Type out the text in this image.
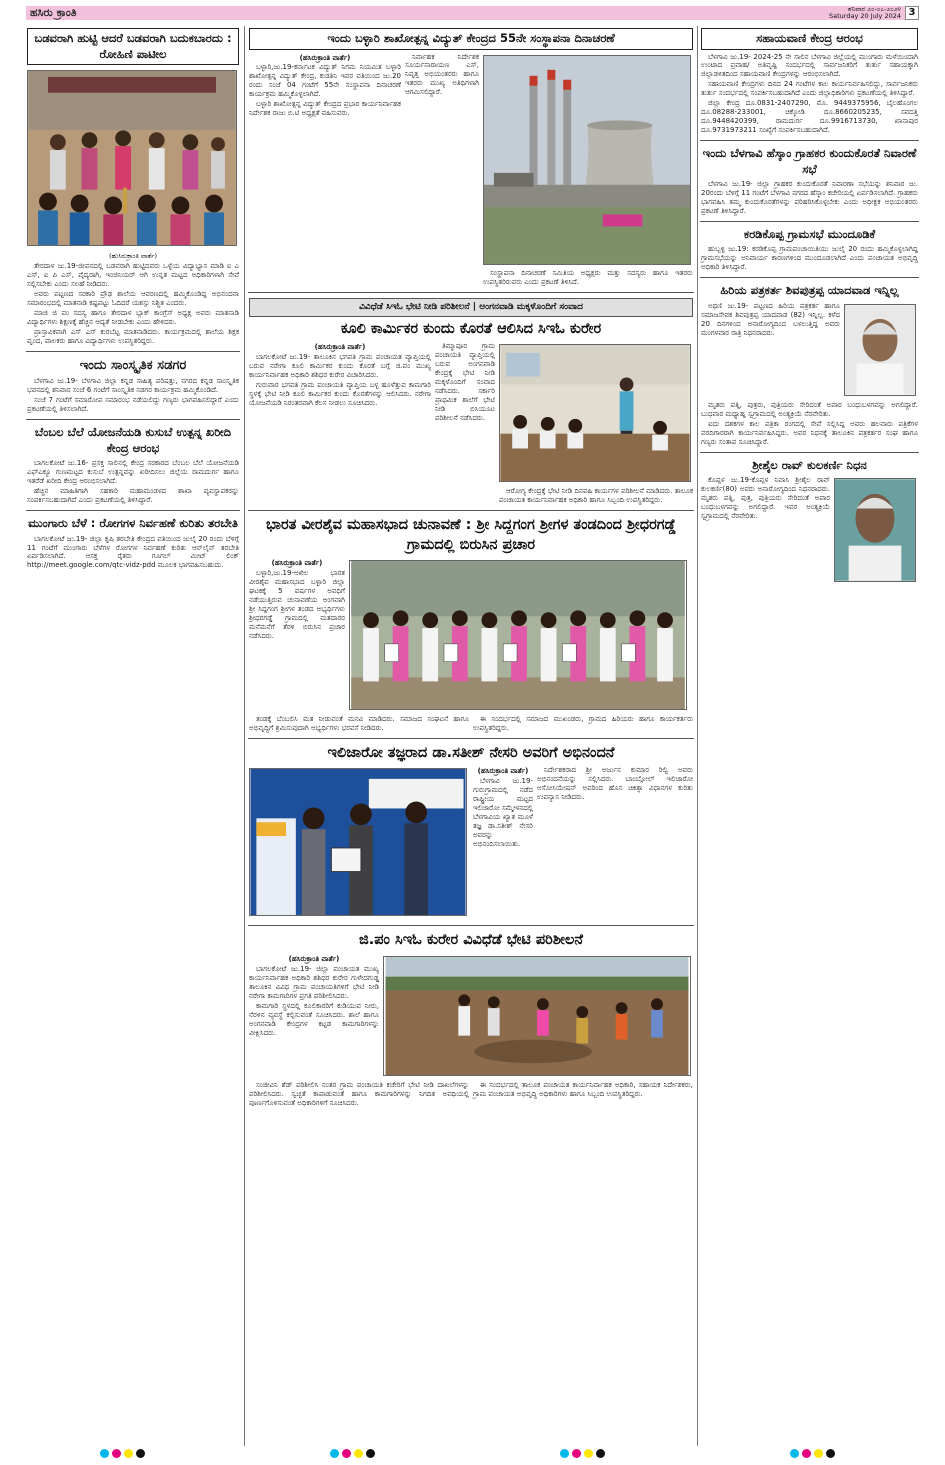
ಹಸಿರು ಕ್ರಾಂತಿ	ಶನಿವಾರ ೨೦-೦೭-೨೦೨೪
Saturday 20 July 2024 3
ಬಡವರಾಗಿ ಹುಟ್ಟಿ ಆದರೆ ಬಡವರಾಗಿ ಬದುಕಬಾರದು : ರೋಹಿಣಿ ಪಾಟೀಲ
(ಹುಸಿರುಕ್ರಾಂತಿ ವಾರ್ತೆ)

ತೇರದಾಳ ಜು.19-ಜೀವನದಲ್ಲಿ ಬಡವರಾಗಿ ಹುಟ್ಟಿದವರು ಒಳ್ಳೆಯ ವಿದ್ಯಾಭ್ಯಾಸ ಮಾಡಿ ಐ ಎ ಎಸ್, ಐ ಪಿ ಎಸ್, ವೈದ್ಯರಾಗಿ, ಇಂಜಿನಿಯರ್ ಆಗಿ ಉನ್ನತ ಮಟ್ಟದ ಅಧಿಕಾರಿಗಳಾಗಿ ಸೇವೆ ಸಲ್ಲಿಸಬೇಕು ಎಂದು ಸಲಹೆ ನೀಡಿದರು.

ಅವರು ಪಟ್ಟಣದ ಸರಕಾರಿ ಪ್ರೌಢ ಶಾಲೆಯ ಆವರಣದಲ್ಲಿ ಹಮ್ಮಿಕೊಂಡಿದ್ದ ಅಭಿನಂದನಾ ಸಮಾರಂಭದಲ್ಲಿ ಮಾತನಾಡಿ ಕಷ್ಟಪಟ್ಟು ಓದಿದರೆ ಯಶಸ್ಸು ನಿಶ್ಚಿತ ಎಂದರು.

ಮಾಜಿ ಜಿ ಪಂ ಸದಸ್ಯ ಹಾಗೂ ತೇರದಾಳ ಬ್ಲಾಕ್ ಕಾಂಗ್ರೆಸ್ ಅಧ್ಯಕ್ಷ ಅವರು ಮಾತನಾಡಿ ವಿದ್ಯಾರ್ಥಿಗಳು ಶಿಕ್ಷಣಕ್ಕೆ ಹೆಚ್ಚಿನ ಆದ್ಯತೆ ನೀಡಬೇಕು ಎಂದು ಹೇಳಿದರು.

ಪ್ರಾಸ್ತಾವಿಕವಾಗಿ ಎಸ್ ಎಸ್ ಕುರಬೆಟ್ಟ ಮಾತನಾಡಿದರು. ಕಾರ್ಯಕ್ರಮದಲ್ಲಿ ಶಾಲೆಯ ಶಿಕ್ಷಕ ವೃಂದ, ಪಾಲಕರು ಹಾಗೂ ವಿದ್ಯಾರ್ಥಿಗಳು ಉಪಸ್ಥಿತರಿದ್ದರು.

ಇಂದು ಸಾಂಸ್ಕೃತಿಕ ಸಡಗರ

ಬೆಳಗಾವಿ ಜು.19- ಬೆಳಗಾವಿ ಜಿಲ್ಲಾ ಕನ್ನಡ ಸಾಹಿತ್ಯ ಪರಿಷತ್ತು, ನಗರದ ಕನ್ನಡ ಸಾಂಸ್ಕೃತಿಕ ಭವನದಲ್ಲಿ ಶನಿವಾರ ಸಂಜೆ 6 ಗಂಟೆಗೆ ಸಾಂಸ್ಕೃತಿಕ ಸಡಗರ ಕಾರ್ಯಕ್ರಮ ಹಮ್ಮಿಕೊಂಡಿದೆ.

ಸಂಜೆ 7 ಗಂಟೆಗೆ ಸಮಾರೋಪ ಸಮಾರಂಭ ನಡೆಯಲಿದ್ದು ಗಣ್ಯರು ಭಾಗವಹಿಸಲಿದ್ದಾರೆ ಎಂದು ಪ್ರಕಟಣೆಯಲ್ಲಿ ತಿಳಿಸಲಾಗಿದೆ.

ಬೆಂಬಲ ಬೆಲೆ ಯೋಜನೆಯಡಿ ಕುಸುಬೆ ಉತ್ಪನ್ನ ಖರೀದಿ ಕೇಂದ್ರ ಆರಂಭ

ಬಾಗಲಕೋಟೆ ಜು.16- ಪ್ರಸಕ್ತ ಸಾಲಿನಲ್ಲಿ ಕೇಂದ್ರ ಸರಕಾರದ ಬೆಂಬಲ ಬೆಲೆ ಯೋಜನೆಯಡಿ ಎಫ್‌ಎಕ್ಯೂ ಗುಣಮಟ್ಟದ ಕುಸುಬೆ ಉತ್ಪನ್ನವನ್ನು ಖರೀದಿಸಲು ಜಿಲ್ಲೆಯ ರಾಮದುರ್ಗ ಹಾಗೂ ಇತರೆಡೆ ಖರೀದಿ ಕೇಂದ್ರ ಆರಂಭಿಸಲಾಗಿದೆ.

ಹೆಚ್ಚಿನ ಮಾಹಿತಿಗಾಗಿ ಸಹಕಾರಿ ಮಹಾಮಂಡಳದ ಶಾಖಾ ವ್ಯವಸ್ಥಾಪಕರನ್ನು ಸಂಪರ್ಕಿಸಬಹುದಾಗಿದೆ ಎಂದು ಪ್ರಕಟಣೆಯಲ್ಲಿ ತಿಳಿಸಿದ್ದಾರೆ.

ಮುಂಗಾರು ಬೆಳೆ : ರೋಗಗಳ ನಿರ್ವಹಣೆ ಕುರಿತು ತರಬೇತಿ

ಬಾಗಲಕೋಟೆ ಜು.19- ಜಿಲ್ಲಾ ಕೃಷಿ ತರಬೇತಿ ಕೇಂದ್ರದ ವತಿಯಿಂದ ಜುಲೈ 20 ರಂದು ಬೆಳಿಗ್ಗೆ 11 ಗಂಟೆಗೆ ಮುಂಗಾರು ಬೆಳೆಗಳ ರೋಗಗಳ ನಿರ್ವಹಣೆ ಕುರಿತು ಆನ್‌ಲೈನ್ ತರಬೇತಿ ಏರ್ಪಡಿಸಲಾಗಿದೆ. ಆಸಕ್ತ ರೈತರು ಗೂಗಲ್ ಮೀಟ್ ಲಿಂಕ್ http://meet.google.com/qtc-vidz-pdd ಮೂಲಕ ಭಾಗವಹಿಸಬಹುದು.

ಇಂದು ಬಳ್ಳಾರಿ ಶಾಖೋತ್ಪನ್ನ ವಿದ್ಯುತ್ ಕೇಂದ್ರದ 55ನೇ ಸಂಸ್ಥಾಪನಾ ದಿನಾಚರಣೆ
(ಹಸಿರುಕ್ರಾಂತಿ ವಾರ್ತೆ)

ಬಳ್ಳಾರಿ,ಜು.19-ಕರ್ನಾಟಕ ವಿದ್ಯುತ್ ನಿಗಮ ನಿಯಮಿತ ಬಳ್ಳಾರಿ ಶಾಖೋತ್ಪನ್ನ ವಿದ್ಯುತ್ ಕೇಂದ್ರ, ಕುಡತಿನಿ ಇವರ ವತಿಯಿಂದ ಜು.20 ರಂದು ಸಂಜೆ 04 ಗಂಟೆಗೆ 55ನೇ ಸಂಸ್ಥಾಪನಾ ದಿನಾಚರಣೆ ಕಾರ್ಯಕ್ರಮ ಹಮ್ಮಿಕೊಳ್ಳಲಾಗಿದೆ.

ಬಳ್ಳಾರಿ ಶಾಖೋತ್ಪನ್ನ ವಿದ್ಯುತ್ ಕೇಂದ್ರದ ಪ್ರಭಾರ ಕಾರ್ಯನಿರ್ವಾಹಕ ನಿರ್ದೇಶಕ ರಾಜು ಬಿ.ಟಿ ಅಧ್ಯಕ್ಷತೆ ವಹಿಸುವರು.

ನಿರ್ವಾಹಕ ನಿರ್ದೇಶಕ ಸೂರ್ಯನಾರಾಯಣ ಎಸ್, ನಿವೃತ್ತ ಅಭಿಯಂತರರು ಹಾಗೂ ಇತರರು ಮುಖ್ಯ ಅತಿಥಿಗಳಾಗಿ ಆಗಮಿಸಲಿದ್ದಾರೆ.

ಸಂಸ್ಥಾಪನಾ ದಿನಾಚರಣೆ ಸಮಿತಿಯ ಅಧ್ಯಕ್ಷರು ಮತ್ತು ಸದಸ್ಯರು ಹಾಗೂ ಇತರರು ಉಪಸ್ಥಿತರಿರುವರು ಎಂದು ಪ್ರಕಟಣೆ ತಿಳಿಸಿದೆ.

ವಿವಿಧೆಡೆ ಸಿಇಓ ಭೇಟಿ ನೀಡಿ ಪರಿಶೀಲನೆ | ಅಂಗನವಾಡಿ ಮಕ್ಕಳೊಂದಿಗೆ ಸಂವಾದ
ಕೂಲಿ ಕಾರ್ಮಿಕರ ಕುಂದು ಕೊರತೆ ಆಲಿಸಿದ ಸಿಇಓ ಕುರೇರ
(ಹಸಿರುಕ್ರಾಂತಿ ವಾರ್ತೆ)

ಬಾಗಲಕೋಟೆ ಜು.19- ತಾಲೂಕಿನ ಭಗವತಿ ಗ್ರಾಮ ಪಂಚಾಯತ ವ್ಯಾಪ್ತಿಯಲ್ಲಿ ಬರುವ ನರೇಗಾ ಕೂಲಿ ಕಾರ್ಮಿಕರ ಕುಂದು ಕೊರತೆ ಬಗ್ಗೆ ಜಿ.ಪಂ ಮುಖ್ಯ ಕಾರ್ಯನಿರ್ವಾಹಕ ಅಧಿಕಾರಿ ಶಶಿಧರ ಕುರೇರ ವಿಚಾರಿಸಿದರು.

ಗುರುವಾರ ಭಗವತಿ ಗ್ರಾಮ ಪಂಚಾಯತಿ ವ್ಯಾಪ್ತಿಯ ಬಳ್ಳ ಹೂಳೆತ್ತುವ ಕಾಮಗಾರಿ ಸ್ಥಳಕ್ಕೆ ಭೇಟಿ ನೀಡಿ ಕೂಲಿ ಕಾರ್ಮಿಕರ ಕುಂದು ಕೊರತೆಗಳನ್ನು ಆಲಿಸಿದರು. ನರೇಗಾ ಯೋಜನೆಯಡಿ ನಿರಂತರವಾಗಿ ಕೆಲಸ ನೀಡಲು ಸೂಚಿಸಿದರು.

ತಿಮ್ಮಾಪೂರ ಗ್ರಾಮ ಪಂಚಾಯತಿ ವ್ಯಾಪ್ತಿಯಲ್ಲಿ ಬರುವ ಅಂಗನವಾಡಿ ಕೇಂದ್ರಕ್ಕೆ ಭೇಟಿ ನೀಡಿ ಮಕ್ಕಳೊಂದಿಗೆ ಸಂವಾದ ನಡೆಸಿದರು. ಸರ್ಕಾರಿ ಪ್ರಾಥಮಿಕ ಶಾಲೆಗೆ ಭೇಟಿ ನೀಡಿ ಬಿಸಿಯೂಟ ಪರಿಶೀಲನೆ ನಡೆಸಿದರು.

ಆರೋಗ್ಯ ಕೇಂದ್ರಕ್ಕೆ ಭೇಟಿ ನೀಡಿ ದಿನವಹಿ ಕಾರ್ಯಗಳ ಪರಿಶೀಲನೆ ಮಾಡಿದರು. ತಾಲೂಕ ಪಂಚಾಯತ ಕಾರ್ಯನಿರ್ವಾಹಕ ಅಧಿಕಾರಿ ಹಾಗೂ ಸಿಬ್ಬಂದಿ ಉಪಸ್ಥಿತರಿದ್ದರು.

ಭಾರತ ವೀರಶೈವ ಮಹಾಸಭಾದ ಚುನಾವಣೆ : ಶ್ರೀ ಸಿದ್ದಗಂಗ ಶ್ರೀಗಳ ತಂಡದಿಂದ ಶ್ರೀಧರಗಡ್ಡೆ ಗ್ರಾಮದಲ್ಲಿ ಬಿರುಸಿನ ಪ್ರಚಾರ
(ಹಸಿರುಕ್ರಾಂತಿ ವಾರ್ತೆ)

ಬಳ್ಳಾರಿ,ಜು.19-ಅಖಿಲ ಭಾರತ ವೀರಶೈವ ಮಹಾಸಭಾದ ಬಳ್ಳಾರಿ ಜಿಲ್ಲಾ ಘಟಕಕ್ಕೆ 5 ವರ್ಷಗಳ ಅವಧಿಗೆ ನಡೆಯುತ್ತಿರುವ ಚುನಾವಣೆಯ ಅಂಗವಾಗಿ ಶ್ರೀ ಸಿದ್ದಗಂಗ ಶ್ರೀಗಳ ತಂಡದ ಅಭ್ಯರ್ಥಿಗಳು ಶ್ರೀಧರಗಡ್ಡೆ ಗ್ರಾಮದಲ್ಲಿ ಮತದಾರರ ಮನೆಮನೆಗೆ ತೆರಳಿ ಬಿರುಸಿನ ಪ್ರಚಾರ ನಡೆಸಿದರು.

ತಂಡಕ್ಕೆ ಬೆಂಬಲಿಸಿ ಮತ ನೀಡುವಂತೆ ಮನವಿ ಮಾಡಿದರು. ಸಮಾಜದ ಸಂಘಟನೆ ಹಾಗೂ ಅಭಿವೃದ್ಧಿಗೆ ಶ್ರಮಿಸುವುದಾಗಿ ಅಭ್ಯರ್ಥಿಗಳು ಭರವಸೆ ನೀಡಿದರು.

ಈ ಸಂದರ್ಭದಲ್ಲಿ ಸಮಾಜದ ಮುಖಂಡರು, ಗ್ರಾಮದ ಹಿರಿಯರು ಹಾಗೂ ಕಾರ್ಯಕರ್ತರು ಉಪಸ್ಥಿತರಿದ್ದರು.

ಇಲಿಜಾರೋ ತಜ್ಞರಾದ ಡಾ.ಸತೀಶ್ ನೇಸರಿ ಅವರಿಗೆ ಅಭಿನಂದನೆ
(ಹಸಿರುಕ್ರಾಂತಿ ವಾರ್ತೆ)

ಬೆಳಗಾವಿ ಜು.19- ಗುರುಗ್ರಾಮದಲ್ಲಿ ನಡೆದ ರಾಷ್ಟ್ರೀಯ ಮಟ್ಟದ ಇಲಿಜಾರೋ ಸಮ್ಮೇಳನದಲ್ಲಿ ಬೆಳಗಾವಿಯ ಖ್ಯಾತ ಮೂಳೆ ತಜ್ಞ ಡಾ.ಸತೀಶ್ ನೇಸರಿ ಅವರನ್ನು ಅಭಿನಂದಿಸಲಾಯಿತು.

ನಿರ್ದೇಶಕರಾದ ಶ್ರೀ ಅರ್ಜುನ ಕುಮಾರ ರಿಲ್ವಿ ಅವರು ಅಭಿನಂದನೆಯನ್ನು ಸಲ್ಲಿಸಿದರು. ಬಾಂಬ್ಗೋಲ್ ಇಲಿಜಾರೋ ಅಸೋಸಿಯೇಷನ್ ಅವರಿಂದ ಹೊಸ ಚಿಕಿತ್ಸಾ ವಿಧಾನಗಳ ಕುರಿತು ಉಪನ್ಯಾಸ ನೀಡಿದರು.

ಜಿ.ಪಂ ಸಿಇಓ ಕುರೇರ ವಿವಿಧೆಡೆ ಭೇಟಿ ಪರಿಶೀಲನೆ
(ಹಸಿರುಕ್ರಾಂತಿ ವಾರ್ತೆ)

ಬಾಗಲಕೋಟೆ ಜು.19- ಜಿಲ್ಲಾ ಪಂಚಾಯತ ಮುಖ್ಯ ಕಾರ್ಯನಿರ್ವಾಹಕ ಅಧಿಕಾರಿ ಶಶಿಧರ ಕುರೇರ ಗುಳೇದಗುಡ್ಡ ತಾಲೂಕಿನ ವಿವಿಧ ಗ್ರಾಮ ಪಂಚಾಯತಿಗಳಿಗೆ ಭೇಟಿ ನೀಡಿ ನರೇಗಾ ಕಾಮಗಾರಿಗಳ ಪ್ರಗತಿ ಪರಿಶೀಲಿಸಿದರು.

ಕಾಮಗಾರಿ ಸ್ಥಳದಲ್ಲಿ ಕೂಲಿಕಾರರಿಗೆ ಕುಡಿಯುವ ನೀರು, ನೆರಳಿನ ವ್ಯವಸ್ಥೆ ಕಲ್ಪಿಸುವಂತೆ ಸೂಚಿಸಿದರು. ಶಾಲೆ ಹಾಗೂ ಅಂಗನವಾಡಿ ಕೇಂದ್ರಗಳ ಕಟ್ಟಡ ಕಾಮಗಾರಿಗಳನ್ನು ವೀಕ್ಷಿಸಿದರು.

ಸಂಜೀವಿನಿ ಶೆಡ್ ಪರಿಶೀಲಿಸಿ ನಂತರ ಗ್ರಾಮ ಪಂಚಾಯತಿ ಕಚೇರಿಗೆ ಭೇಟಿ ನೀಡಿ ದಾಖಲೆಗಳನ್ನು ಪರಿಶೀಲಿಸಿದರು. ಸ್ವಚ್ಛತೆ ಕಾಪಾಡುವಂತೆ ಹಾಗೂ ಕಾಮಗಾರಿಗಳನ್ನು ನಿಗದಿತ ಅವಧಿಯಲ್ಲಿ ಪೂರ್ಣಗೊಳಿಸುವಂತೆ ಅಧಿಕಾರಿಗಳಿಗೆ ಸೂಚಿಸಿದರು.

ಈ ಸಂದರ್ಭದಲ್ಲಿ ತಾಲೂಕ ಪಂಚಾಯತ ಕಾರ್ಯನಿರ್ವಾಹಕ ಅಧಿಕಾರಿ, ಸಹಾಯಕ ನಿರ್ದೇಶಕರು, ಗ್ರಾಮ ಪಂಚಾಯತ ಅಭಿವೃದ್ಧಿ ಅಧಿಕಾರಿಗಳು ಹಾಗೂ ಸಿಬ್ಬಂದಿ ಉಪಸ್ಥಿತರಿದ್ದರು.

ಸಹಾಯವಾಣಿ ಕೇಂದ್ರ ಆರಂಭ

ಬೆಳಗಾವಿ ಜು.19- 2024-25 ನೇ ಸಾಲಿನ ಬೆಳಗಾವಿ ಜಿಲ್ಲೆಯಲ್ಲಿ ಮುಂಗಾರು ಮಳೆಯಿಂದಾಗಿ ಉಂಟಾದ ಪ್ರವಾಹ/ ಅತಿವೃಷ್ಟಿ ಸಂದರ್ಭದಲ್ಲಿ ಸಾರ್ವಜನಿಕರಿಗೆ ತುರ್ತು ಸಹಾಯಕ್ಕಾಗಿ ಜಿಲ್ಲಾಡಳಿತದಿಂದ ಸಹಾಯವಾಣಿ ಕೇಂದ್ರಗಳನ್ನು ಆರಂಭಿಸಲಾಗಿದೆ.

ಸಹಾಯವಾಣಿ ಕೇಂದ್ರಗಳು ದಿನದ 24 ಗಂಟೆಗಳ ಕಾಲ ಕಾರ್ಯನಿರ್ವಹಿಸಲಿದ್ದು, ಸಾರ್ವಜನಿಕರು ತುರ್ತು ಸಂದರ್ಭದಲ್ಲಿ ಸಂಪರ್ಕಿಸಬಹುದಾಗಿದೆ ಎಂದು ಜಿಲ್ಲಾಧಿಕಾರಿಗಳು ಪ್ರಕಟಣೆಯಲ್ಲಿ ತಿಳಿಸಿದ್ದಾರೆ.

ಜಿಲ್ಲಾ ಕೇಂದ್ರ ದೂ.0831-2407290, ಮೊ. 9449375956, ಬೈಲಹೊಂಗಲ ದೂ.08288-233001, ಚಿಕ್ಕೋಡಿ ದೂ.8660205235, ಸವದತ್ತಿ ದೂ.9448420399, ರಾಮದುರ್ಗ ದೂ.9916713730, ಖಾನಾಪುರ ದೂ.9731973211 ಸಂಖ್ಯೆಗೆ ಸಂಪರ್ಕಿಸಬಹುದಾಗಿದೆ.

ಇಂದು ಬೆಳಗಾವಿ ಹೆಸ್ಕಾಂ ಗ್ರಾಹಕರ ಕುಂದುಕೊರತೆ ನಿವಾರಣೆ ಸಭೆ

ಬೆಳಗಾವಿ ಜು.19- ಜಿಲ್ಲಾ ಗ್ರಾಹಕರ ಕುಂದುಕೊರತೆ ನಿವಾರಣಾ ಸಭೆಯನ್ನು ಶನಿವಾರ ಜು. 20ರಂದು ಬೆಳಿಗ್ಗೆ 11 ಗಂಟೆಗೆ ಬೆಳಗಾವಿ ನಗರದ ಹೆಸ್ಕಾಂ ಕಚೇರಿಯಲ್ಲಿ ಏರ್ಪಡಿಸಲಾಗಿದೆ. ಗ್ರಾಹಕರು ಭಾಗವಹಿಸಿ ತಮ್ಮ ಕುಂದುಕೊರತೆಗಳನ್ನು ಪರಿಹರಿಸಿಕೊಳ್ಳಬೇಕು ಎಂದು ಅಧೀಕ್ಷಕ ಅಭಿಯಂತರರು ಪ್ರಕಟಣೆ ತಿಳಿಸಿದ್ದಾರೆ.

ಕರಡಿಕೊಪ್ಪ ಗ್ರಾಮಸಭೆ ಮುಂದೂಡಿಕೆ

ಹುಬ್ಬಳ್ಳಿ ಜು.19: ಕರಡಿಕೊಪ್ಪ ಗ್ರಾಮಪಂಚಾಯಿತಿಯು ಜುಲೈ 20 ರಂದು ಹಮ್ಮಿಕೊಳ್ಳಲಾಗಿದ್ದ ಗ್ರಾಮಸಭೆಯನ್ನು ಅನಿವಾರ್ಯ ಕಾರಣಗಳಿಂದ ಮುಂದೂಡಲಾಗಿದೆ ಎಂದು ಪಂಚಾಯತ ಅಭಿವೃದ್ಧಿ ಅಧಿಕಾರಿ ತಿಳಿಸಿದ್ದಾರೆ.

ಹಿರಿಯ ಪತ್ರಕರ್ತ ಶಿವಪುತ್ರಪ್ಪ ಯಾದವಾಡ ಇನ್ನಿಲ್ಲ

ಅಥಣಿ ಜು.19- ಪಟ್ಟಣದ ಹಿರಿಯ ಪತ್ರಕರ್ತ ಹಾಗೂ ಸಮಾಜಸೇವಕ ಶಿವಪುತ್ರಪ್ಪ ಯಾದವಾಡ (82) ಇನ್ನಿಲ್ಲ. ಕಳೆದ 20 ದಿನಗಳಿಂದ ಅನಾರೋಗ್ಯದಿಂದ ಬಳಲುತ್ತಿದ್ದ ಅವರು ಮಂಗಳವಾರ ರಾತ್ರಿ ನಿಧನರಾದರು.

ಮೃತರು ಪತ್ನಿ, ಪುತ್ರರು, ಪುತ್ರಿಯರು ಸೇರಿದಂತೆ ಅಪಾರ ಬಂಧುಬಳಗವನ್ನು ಅಗಲಿದ್ದಾರೆ. ಬುಧವಾರ ಮಧ್ಯಾಹ್ನ ಸ್ವಗ್ರಾಮದಲ್ಲಿ ಅಂತ್ಯಕ್ರಿಯೆ ನೆರವೇರಿತು.

ಐದು ದಶಕಗಳ ಕಾಲ ಪತ್ರಿಕಾ ರಂಗದಲ್ಲಿ ಸೇವೆ ಸಲ್ಲಿಸಿದ್ದ ಅವರು ಹಲವಾರು ಪತ್ರಿಕೆಗಳ ವರದಿಗಾರರಾಗಿ ಕಾರ್ಯನಿರ್ವಹಿಸಿದ್ದರು. ಅವರ ನಿಧನಕ್ಕೆ ತಾಲೂಕಿನ ಪತ್ರಕರ್ತರ ಸಂಘ ಹಾಗೂ ಗಣ್ಯರು ಸಂತಾಪ ಸೂಚಿಸಿದ್ದಾರೆ.

ಶ್ರೀಶೈಲ ರಾವ್ ಕುಲಕರ್ಣಿ ನಿಧನ

ಕೊಪ್ಪಳ ಜು.19-ಕೊಪ್ಪಳ ನಿವಾಸಿ ಶ್ರೀಶೈಲ ರಾವ್ ಕುಲಕರ್ಣಿ(80) ಅವರು ಅನಾರೋಗ್ಯದಿಂದ ನಿಧನರಾದರು. ಮೃತರು ಪತ್ನಿ, ಪುತ್ರ, ಪುತ್ರಿಯರು ಸೇರಿದಂತೆ ಅಪಾರ ಬಂಧುಬಳಗವನ್ನು ಅಗಲಿದ್ದಾರೆ. ಇವರ ಅಂತ್ಯಕ್ರಿಯೆ ಸ್ವಗ್ರಾಮದಲ್ಲಿ ನೆರವೇರಿತು.
